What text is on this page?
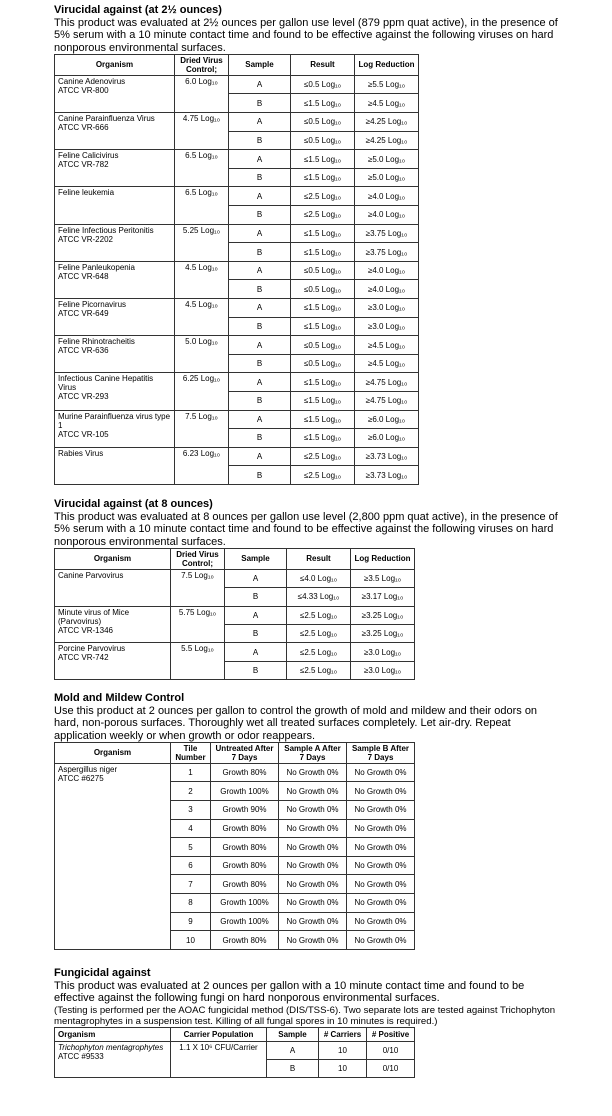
Virucidal against (at 2½ ounces)

This product was evaluated at 2½ ounces per gallon use level (879 ppm quat active), in the presence of

5% serum with a 10 minute contact time and found to be effective against the following viruses on hard

nonporous environmental surfaces.

Organism	Dried Virus Control;	Sample	Result	Log Reduction

Canine Adenovirus
ATCC VR-800	6.0 Log₁₀	A	≤0.5 Log₁₀	≥5.5 Log₁₀
		B	≤1.5 Log₁₀	≥4.5 Log₁₀

Canine Parainfluenza Virus
ATCC VR-666	4.75 Log₁₀	A	≤0.5 Log₁₀	≥4.25 Log₁₀
		B	≤0.5 Log₁₀	≥4.25 Log₁₀

Feline Calicivirus
ATCC VR-782	6.5 Log₁₀	A	≤1.5 Log₁₀	≥5.0 Log₁₀
		B	≤1.5 Log₁₀	≥5.0 Log₁₀

Feline leukemia	6.5 Log₁₀	A	≤2.5 Log₁₀	≥4.0 Log₁₀
		B	≤2.5 Log₁₀	≥4.0 Log₁₀

Feline Infectious Peritonitis
ATCC VR-2202	5.25 Log₁₀	A	≤1.5 Log₁₀	≥3.75 Log₁₀
		B	≤1.5 Log₁₀	≥3.75 Log₁₀

Feline Panleukopenia
ATCC VR-648	4.5 Log₁₀	A	≤0.5 Log₁₀	≥4.0 Log₁₀
		B	≤0.5 Log₁₀	≥4.0 Log₁₀

Feline Picornavirus
ATCC VR-649	4.5 Log₁₀	A	≤1.5 Log₁₀	≥3.0 Log₁₀
		B	≤1.5 Log₁₀	≥3.0 Log₁₀

Feline Rhinotracheitis
ATCC VR-636	5.0 Log₁₀	A	≤0.5 Log₁₀	≥4.5 Log₁₀
		B	≤0.5 Log₁₀	≥4.5 Log₁₀

Infectious Canine Hepatitis Virus
ATCC VR-293	6.25 Log₁₀	A	≤1.5 Log₁₀	≥4.75 Log₁₀
		B	≤1.5 Log₁₀	≥4.75 Log₁₀

Murine Parainfluenza virus type 1
ATCC VR-105	7.5 Log₁₀	A	≤1.5 Log₁₀	≥6.0 Log₁₀
		B	≤1.5 Log₁₀	≥6.0 Log₁₀

Rabies Virus	6.23 Log₁₀	A	≤2.5 Log₁₀	≥3.73 Log₁₀
		B	≤2.5 Log₁₀	≥3.73 Log₁₀

Virucidal against (at 8 ounces)

This product was evaluated at 8 ounces per gallon use level (2,800 ppm quat active), in the presence of

5% serum with a 10 minute contact time and found to be effective against the following viruses on hard

nonporous environmental surfaces.

Organism	Dried Virus Control;	Sample	Result	Log Reduction

Canine Parvovirus	7.5 Log₁₀	A	≤4.0 Log₁₀	≥3.5 Log₁₀
		B	≤4.33 Log₁₀	≥3.17 Log₁₀

Minute virus of Mice
(Parvovirus)
ATCC VR-1346	5.75 Log₁₀	A	≤2.5 Log₁₀	≥3.25 Log₁₀
		B	≤2.5 Log₁₀	≥3.25 Log₁₀

Porcine Parvovirus
ATCC VR-742	5.5 Log₁₀	A	≤2.5 Log₁₀	≥3.0 Log₁₀
		B	≤2.5 Log₁₀	≥3.0 Log₁₀

Mold and Mildew Control

Use this product at 2 ounces per gallon to control the growth of mold and mildew and their odors on

hard, non-porous surfaces. Thoroughly wet all treated surfaces completely. Let air-dry. Repeat

application weekly or when growth or odor reappears.

Organism	Tile Number	Untreated After 7 Days	Sample A After 7 Days	Sample B After 7 Days

Aspergillus niger
ATCC #6275	1	Growth 80%	No Growth 0%	No Growth 0%
	2	Growth 100%	No Growth 0%	No Growth 0%
	3	Growth 90%	No Growth 0%	No Growth 0%
	4	Growth 80%	No Growth 0%	No Growth 0%
	5	Growth 80%	No Growth 0%	No Growth 0%
	6	Growth 80%	No Growth 0%	No Growth 0%
	7	Growth 80%	No Growth 0%	No Growth 0%
	8	Growth 100%	No Growth 0%	No Growth 0%
	9	Growth 100%	No Growth 0%	No Growth 0%
	10	Growth 80%	No Growth 0%	No Growth 0%

Fungicidal against

This product was evaluated at 2 ounces per gallon with a 10 minute contact time and found to be

effective against the following fungi on hard nonporous environmental surfaces.

(Testing is performed per the AOAC fungicidal method (DIS/TSS-6). Two separate lots are tested against Trichophyton

mentagrophytes in a suspension test. Killing of all fungal spores in 10 minutes is required.)

Organism	Carrier Population	Sample	# Carriers	# Positive

Trichophyton mentagrophytes
ATCC #9533	1.1 X 10⁶ CFU/Carrier	A	10	0/10
		B	10	0/10
